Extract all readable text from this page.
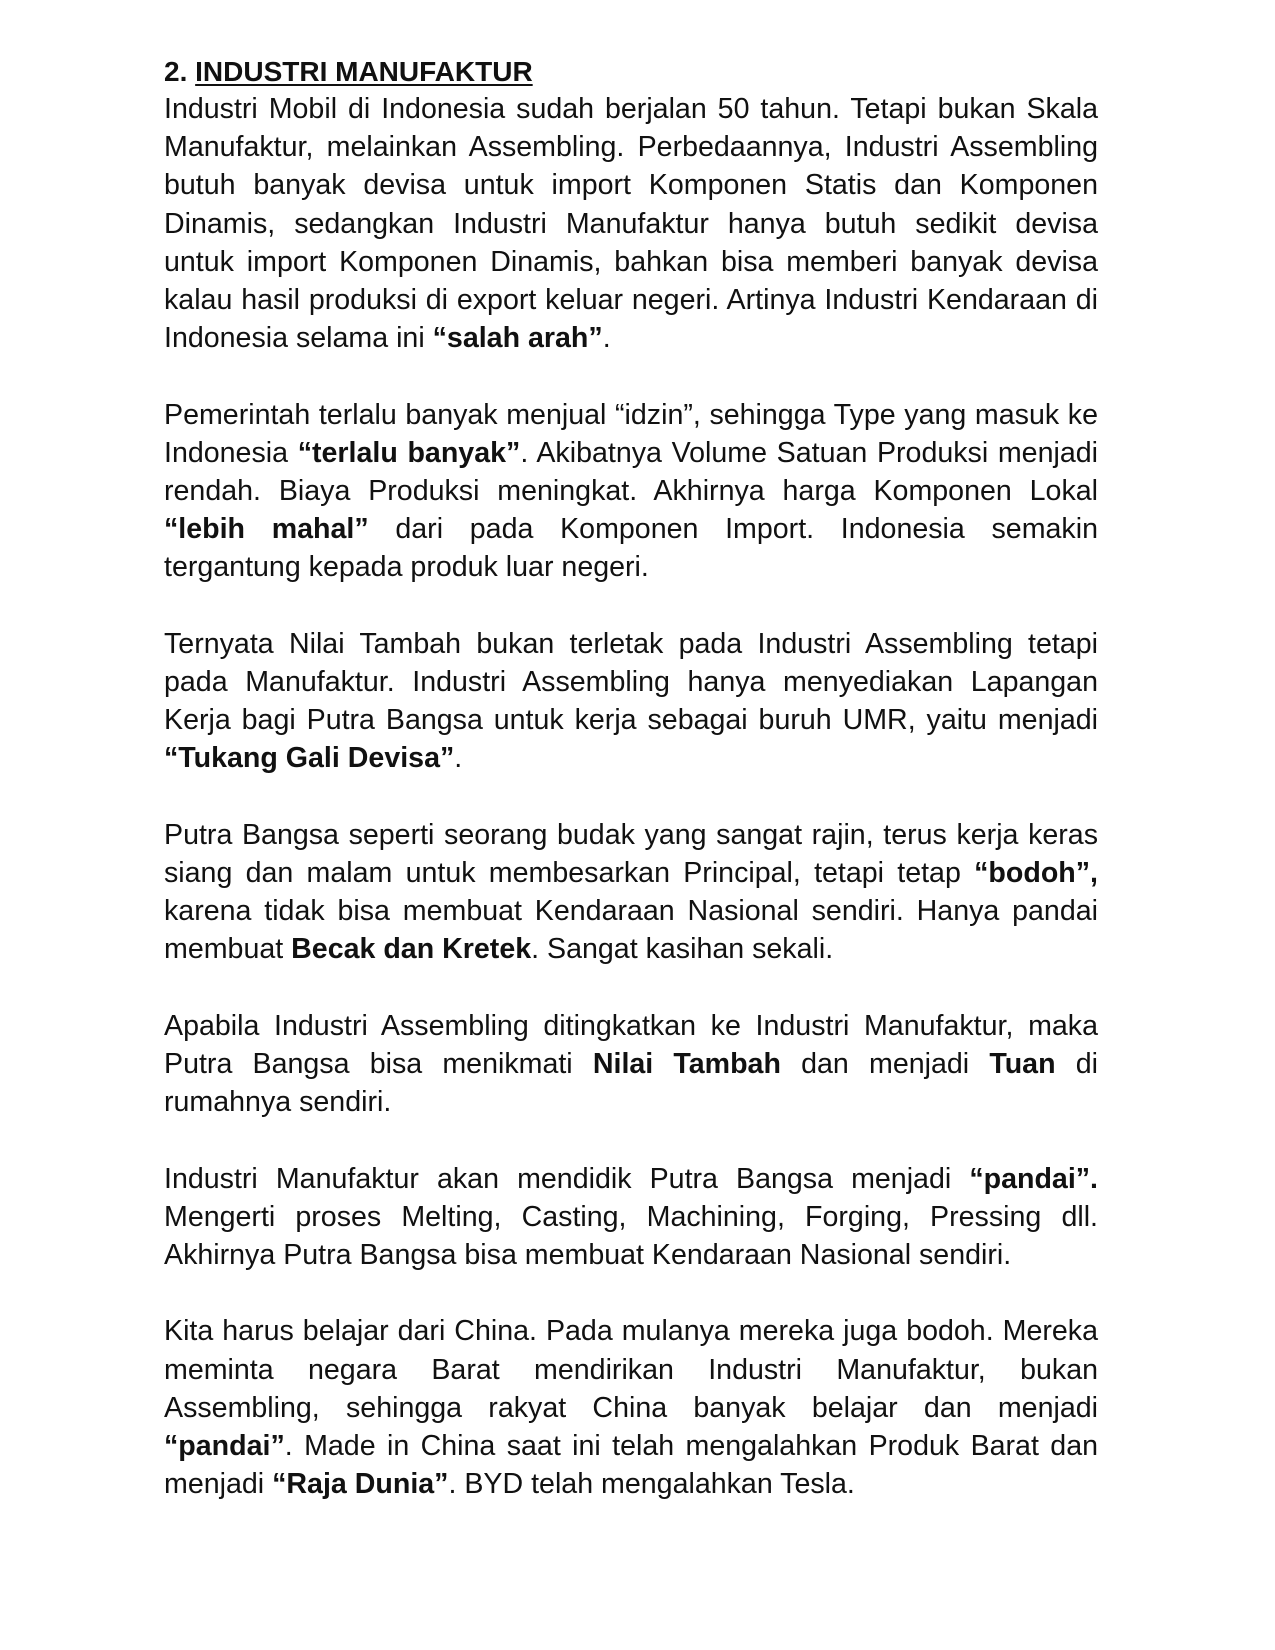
2. INDUSTRI MANUFAKTUR

Industri Mobil di Indonesia sudah berjalan 50 tahun. Tetapi bukan Skala Manufaktur, melainkan Assembling. Perbedaannya, Industri Assembling butuh banyak devisa untuk import Komponen Statis dan Komponen Dinamis, sedangkan Industri Manufaktur hanya butuh sedikit devisa untuk import Komponen Dinamis, bahkan bisa memberi banyak devisa kalau hasil produksi di export keluar negeri. Artinya Industri Kendaraan di Indonesia selama ini “salah arah”.

Pemerintah terlalu banyak menjual “idzin”, sehingga Type yang masuk ke Indonesia “terlalu banyak”. Akibatnya Volume Satuan Produksi menjadi rendah. Biaya Produksi meningkat. Akhirnya harga Komponen Lokal “lebih mahal” dari pada Komponen Import. Indonesia semakin tergantung kepada produk luar negeri.

Ternyata Nilai Tambah bukan terletak pada Industri Assembling tetapi pada Manufaktur. Industri Assembling hanya menyediakan Lapangan Kerja bagi Putra Bangsa untuk kerja sebagai buruh UMR, yaitu menjadi “Tukang Gali Devisa”.

Putra Bangsa seperti seorang budak yang sangat rajin, terus kerja keras siang dan malam untuk membesarkan Principal, tetapi tetap “bodoh”, karena tidak bisa membuat Kendaraan Nasional sendiri. Hanya pandai membuat Becak dan Kretek. Sangat kasihan sekali.

Apabila Industri Assembling ditingkatkan ke Industri Manufaktur, maka Putra Bangsa bisa menikmati Nilai Tambah dan menjadi Tuan di rumahnya sendiri.

Industri Manufaktur akan mendidik Putra Bangsa menjadi “pandai”. Mengerti proses Melting, Casting, Machining, Forging, Pressing dll. Akhirnya Putra Bangsa bisa membuat Kendaraan Nasional sendiri.

Kita harus belajar dari China. Pada mulanya mereka juga bodoh. Mereka meminta negara Barat mendirikan Industri Manufaktur, bukan Assembling, sehingga rakyat China banyak belajar dan menjadi “pandai”. Made in China saat ini telah mengalahkan Produk Barat dan menjadi “Raja Dunia”. BYD telah mengalahkan Tesla.
